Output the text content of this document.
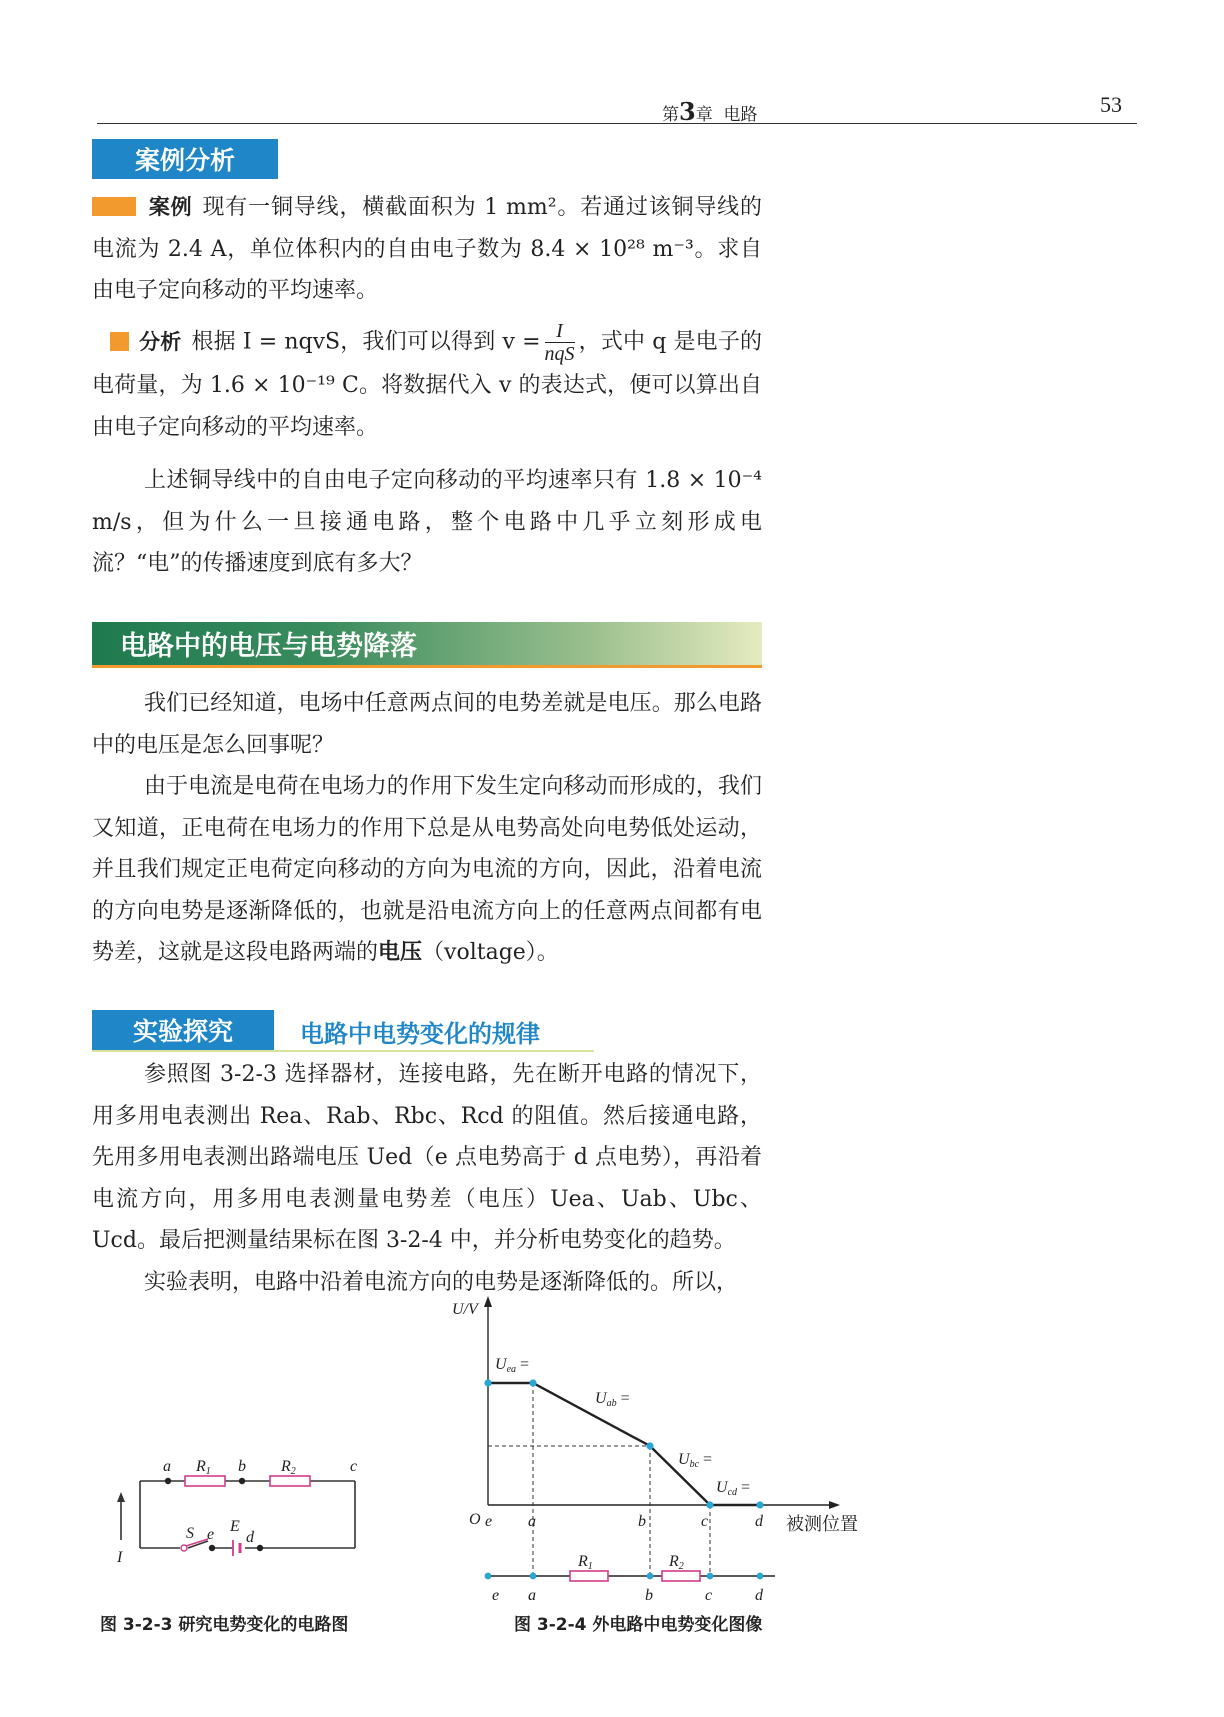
第3章 电路	53
案例分析

案例 现有一铜导线，横截面积为 1 mm²。若通过该铜导线的电流为 2.4 A，单位体积内的自由电子数为 8.4 × 10²⁸ m⁻³。求自由电子定向移动的平均速率。

分析 根据 I = nqvS，我们可以得到 $v = \frac{I}{\text{nqS}}$ ，式中 q 是电子的电荷量，为 1.6 × 10⁻¹⁹ C。将数据代入 v 的表达式，便可以算出自由电子定向移动的平均速率。

上述铜导线中的自由电子定向移动的平均速率只有 1.8 × 10⁻⁴ m/s，但为什么一旦接通电路，整个电路中几乎立刻形成电流？“电”的传播速度到底有多大？

电路中的电压与电势降落

我们已经知道，电场中任意两点间的电势差就是电压。那么电路中的电压是怎么回事呢？

由于电流是电荷在电场力的作用下发生定向移动而形成的，我们又知道，正电荷在电场力的作用下总是从电势高处向电势低处运动，并且我们规定正电荷定向移动的方向为电流的方向，因此，沿着电流的方向电势是逐渐降低的，也就是沿电流方向上的任意两点间都有电势差，这就是这段电路两端的电压（voltage）。

实验探究	电路中电势变化的规律

参照图 3-2-3 选择器材，连接电路，先在断开电路的情况下，用多用电表测出 Rea、Rab、Rbc、Rcd 的阻值。然后接通电路，先用多用电表测出路端电压 Ued（e 点电势高于 d 点电势），再沿着电流方向，用多用电表测量电势差（电压）Uea、Uab、Ubc、Ucd。最后把测量结果标在图 3-2-4 中，并分析电势变化的趋势。

实验表明，电路中沿着电流方向的电势是逐渐降低的。所以，

a	b	c
R1	R2
I
S e E
d
图 3-2-3 研究电势变化的电路图
U/V
O	被测位置
e a	b	c	d
Uea =
Uab =
Ubc =
Ucd =
R1	R2
e a	b	c	d
图 3-2-4 外电路中电势变化图像
